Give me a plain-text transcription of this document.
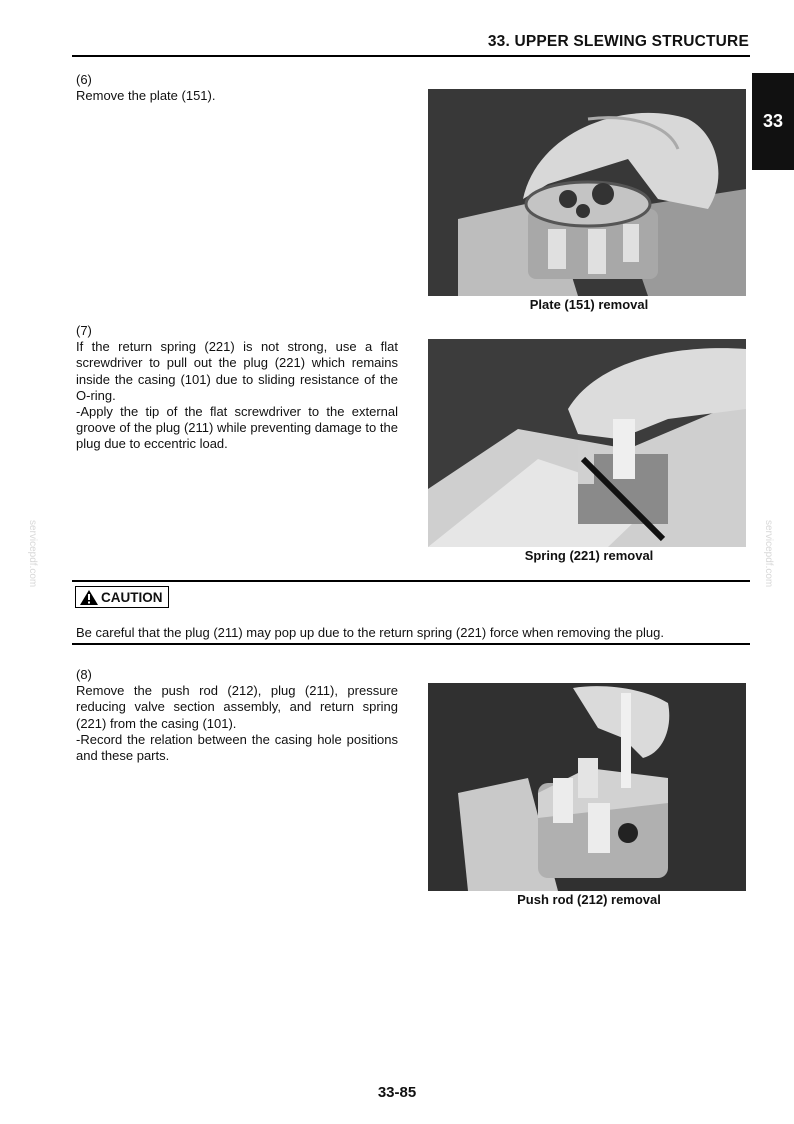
33. UPPER SLEWING STRUCTURE
33
servicepdf.com	servicepdf.com

(6)

Remove the plate (151).

Plate (151) removal

(7)

If the return spring (221) is not strong, use a flat screwdriver to pull out the plug (221) which remains inside the casing (101) due to sliding resistance of the O-ring.

-Apply the tip of the flat screwdriver to the external groove of the plug (211) while preventing damage to the plug due to eccentric load.

Spring (221) removal
CAUTION
Be careful that the plug (211) may pop up due to the return spring (221) force when removing the plug.

(8)

Remove the push rod (212), plug (211), pressure reducing valve section assembly, and return spring (221) from the casing (101).

-Record the relation between the casing hole positions and these parts.

Push rod (212) removal
33-85
